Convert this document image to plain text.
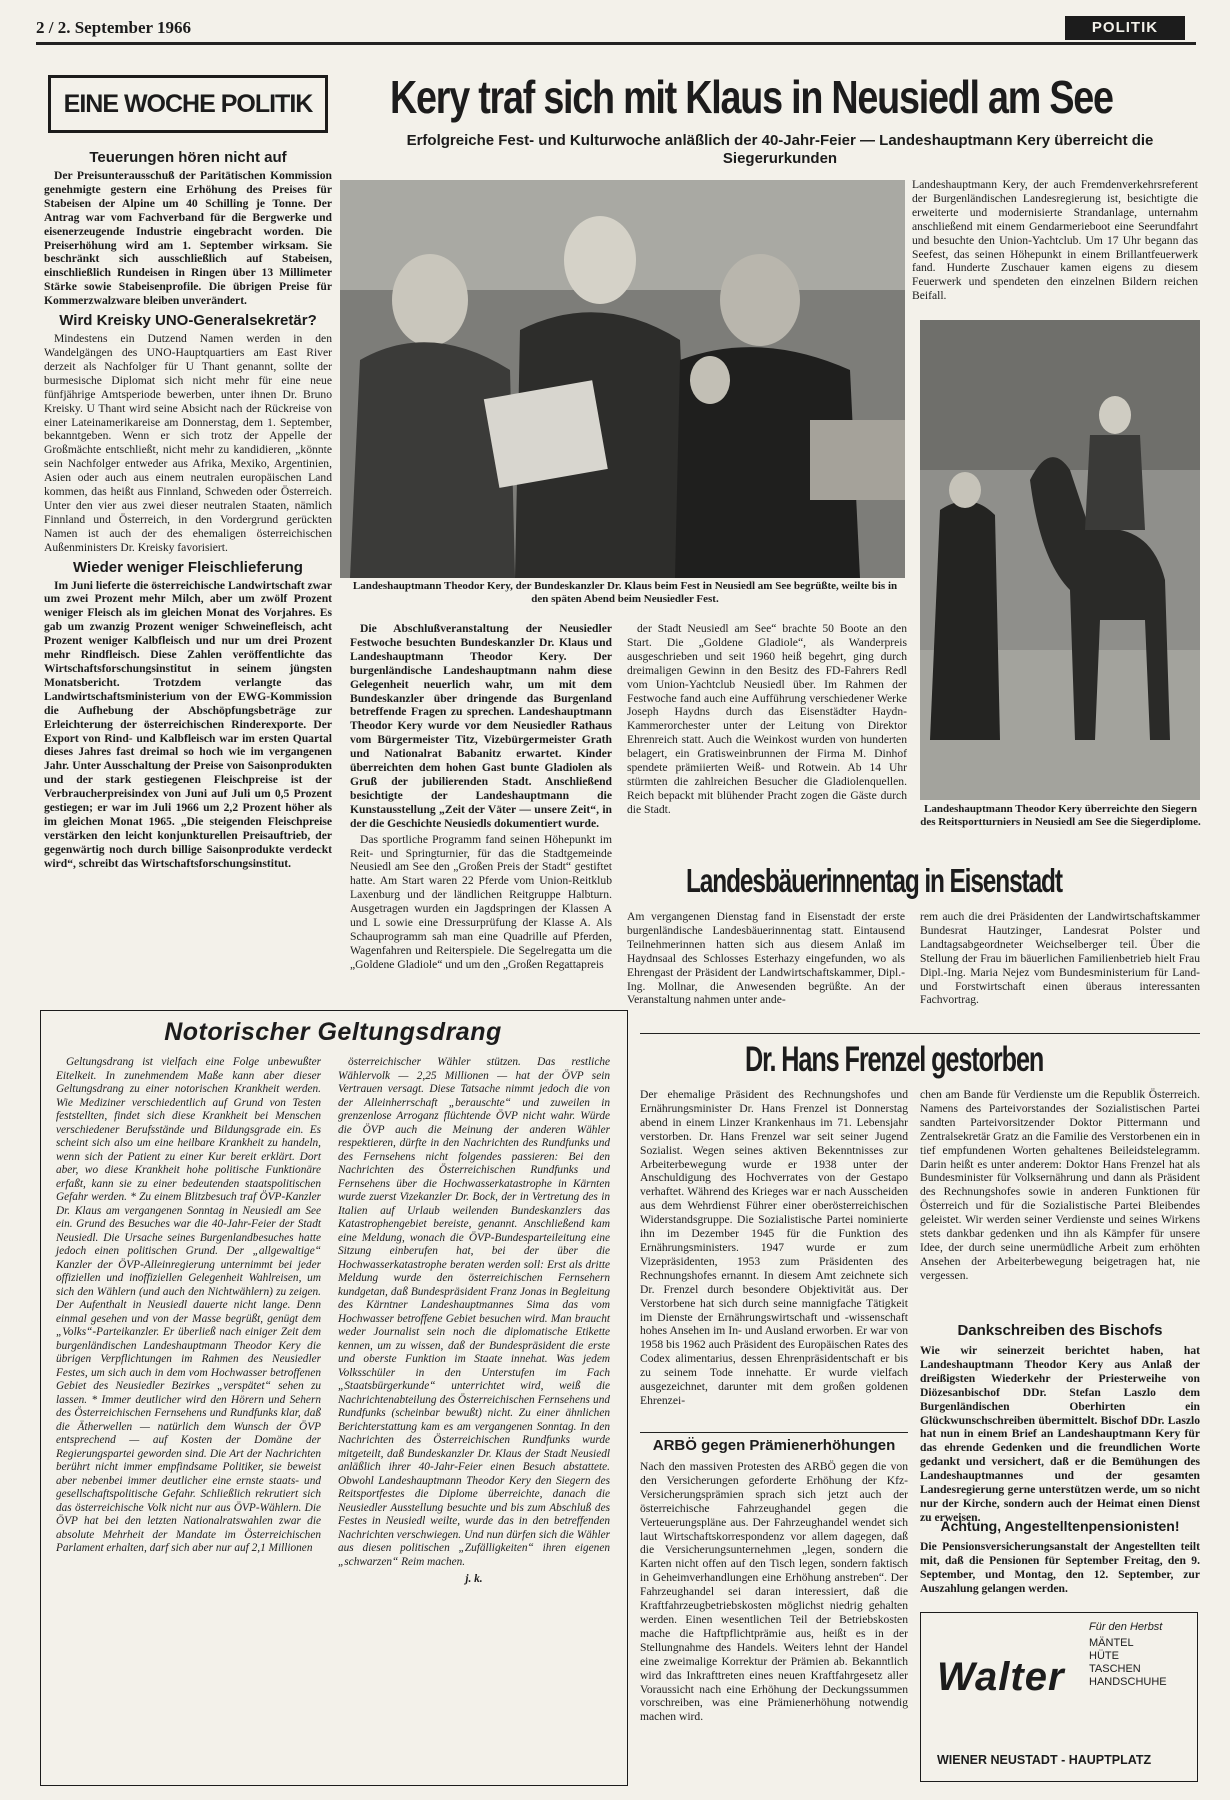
2 / 2. September 1966	POLITIK
EINE WOCHE POLITIK
Teuerungen hören nicht auf

Der Preisunterausschuß der Paritätischen Kommission genehmigte gestern eine Erhöhung des Preises für Stabeisen der Alpine um 40 Schilling je Tonne. Der Antrag war vom Fachverband für die Bergwerke und eisenerzeugende Industrie eingebracht worden. Die Preiserhöhung wird am 1. September wirksam. Sie beschränkt sich ausschließlich auf Stabeisen, einschließlich Rundeisen in Ringen über 13 Millimeter Stärke sowie Stabeisenprofile. Die übrigen Preise für Kommerzwalzware bleiben unverändert.

Wird Kreisky UNO-Generalsekretär?

Mindestens ein Dutzend Namen werden in den Wandelgängen des UNO-Hauptquartiers am East River derzeit als Nachfolger für U Thant genannt, sollte der burmesische Diplomat sich nicht mehr für eine neue fünfjährige Amtsperiode bewerben, unter ihnen Dr. Bruno Kreisky. U Thant wird seine Absicht nach der Rückreise von einer Lateinamerikareise am Donnerstag, dem 1. September, bekanntgeben. Wenn er sich trotz der Appelle der Großmächte entschließt, nicht mehr zu kandidieren, „könnte sein Nachfolger entweder aus Afrika, Mexiko, Argentinien, Asien oder auch aus einem neutralen europäischen Land kommen, das heißt aus Finnland, Schweden oder Österreich. Unter den vier aus zwei dieser neutralen Staaten, nämlich Finnland und Österreich, in den Vordergrund gerückten Namen ist auch der des ehemaligen österreichischen Außenministers Dr. Kreisky favorisiert.

Wieder weniger Fleischlieferung

Im Juni lieferte die österreichische Landwirtschaft zwar um zwei Prozent mehr Milch, aber um zwölf Prozent weniger Fleisch als im gleichen Monat des Vorjahres. Es gab um zwanzig Prozent weniger Schweinefleisch, acht Prozent weniger Kalbfleisch und nur um drei Prozent mehr Rindfleisch. Diese Zahlen veröffentlichte das Wirtschaftsforschungsinstitut in seinem jüngsten Monatsbericht. Trotzdem verlangte das Landwirtschaftsministerium von der EWG-Kommission die Aufhebung der Abschöpfungsbeträge zur Erleichterung der österreichischen Rinderexporte. Der Export von Rind- und Kalbfleisch war im ersten Quartal dieses Jahres fast dreimal so hoch wie im vergangenen Jahr. Unter Ausschaltung der Preise von Saisonprodukten und der stark gestiegenen Fleischpreise ist der Verbraucherpreisindex von Juni auf Juli um 0,5 Prozent gestiegen; er war im Juli 1966 um 2,2 Prozent höher als im gleichen Monat 1965. „Die steigenden Fleischpreise verstärken den leicht konjunkturellen Preisauftrieb, der gegenwärtig noch durch billige Saisonprodukte verdeckt wird“, schreibt das Wirtschaftsforschungsinstitut.

Kery traf sich mit Klaus in Neusiedl am See
Erfolgreiche Fest- und Kulturwoche anläßlich der 40-Jahr-Feier — Landeshauptmann Kery überreicht die Siegerurkunden
Landeshauptmann Theodor Kery, der Bundeskanzler Dr. Klaus beim Fest in Neusiedl am See begrüßte, weilte bis in den späten Abend beim Neusiedler Fest.
Landeshauptmann Kery, der auch Fremdenverkehrsreferent der Burgenländischen Landesregierung ist, besichtigte die erweiterte und modernisierte Strandanlage, unternahm anschließend mit einem Gendarmerieboot eine Seerundfahrt und besuchte den Union-Yachtclub. Um 17 Uhr begann das Seefest, das seinen Höhepunkt in einem Brillantfeuerwerk fand. Hunderte Zuschauer kamen eigens zu diesem Feuerwerk und spendeten den einzelnen Bildern reichen Beifall.
Landeshauptmann Theodor Kery überreichte den Siegern des Reitsportturniers in Neusiedl am See die Siegerdiplome.

Die Abschlußveranstaltung der Neusiedler Festwoche besuchten Bundeskanzler Dr. Klaus und Landeshauptmann Theodor Kery. Der burgenländische Landeshauptmann nahm diese Gelegenheit neuerlich wahr, um mit dem Bundeskanzler über dringende das Burgenland betreffende Fragen zu sprechen. Landeshauptmann Theodor Kery wurde vor dem Neusiedler Rathaus vom Bürgermeister Titz, Vizebürgermeister Grath und Nationalrat Babanitz erwartet. Kinder überreichten dem hohen Gast bunte Gladiolen als Gruß der jubilierenden Stadt. Anschließend besichtigte der Landeshauptmann die Kunstausstellung „Zeit der Väter — unsere Zeit“, in der die Geschichte Neusiedls dokumentiert wurde.

Das sportliche Programm fand seinen Höhepunkt im Reit- und Springturnier, für das die Stadtgemeinde Neusiedl am See den „Großen Preis der Stadt“ gestiftet hatte. Am Start waren 22 Pferde vom Union-Reitklub Laxenburg und der ländlichen Reitgruppe Halbturn. Ausgetragen wurden ein Jagdspringen der Klassen A und L sowie eine Dressurprüfung der Klasse A. Als Schauprogramm sah man eine Quadrille auf Pferden, Wagenfahren und Reiterspiele. Die Segelregatta um die „Goldene Gladiole“ und um den „Großen Regattapreis

der Stadt Neusiedl am See“ brachte 50 Boote an den Start. Die „Goldene Gladiole“, als Wanderpreis ausgeschrieben und seit 1960 heiß begehrt, ging durch dreimaligen Gewinn in den Besitz des FD-Fahrers Redl vom Union-Yachtclub Neusiedl über. Im Rahmen der Festwoche fand auch eine Aufführung verschiedener Werke Joseph Haydns durch das Eisenstädter Haydn-Kammerorchester unter der Leitung von Direktor Ehrenreich statt. Auch die Weinkost wurden von hunderten belagert, ein Gratisweinbrunnen der Firma M. Dinhof spendete prämiierten Weiß- und Rotwein. Ab 14 Uhr stürmten die zahlreichen Besucher die Gladiolenquellen. Reich bepackt mit blühender Pracht zogen die Gäste durch die Stadt.

Landesbäuerinnentag in Eisenstadt
Am vergangenen Dienstag fand in Eisenstadt der erste burgenländische Landesbäuerinnentag statt. Eintausend Teilnehmerinnen hatten sich aus diesem Anlaß im Haydnsaal des Schlosses Esterhazy eingefunden, wo als Ehrengast der Präsident der Landwirtschaftskammer, Dipl.-Ing. Mollnar, die Anwesenden begrüßte. An der Veranstaltung nahmen unter ande-
rem auch die drei Präsidenten der Landwirtschaftskammer Bundesrat Hautzinger, Landesrat Polster und Landtagsabgeordneter Weichselberger teil. Über die Stellung der Frau im bäuerlichen Familienbetrieb hielt Frau Dipl.-Ing. Maria Nejez vom Bundesministerium für Land- und Forstwirtschaft einen überaus interessanten Fachvortrag.
Notorischer Geltungsdrang

Geltungsdrang ist vielfach eine Folge unbewußter Eitelkeit. In zunehmendem Maße kann aber dieser Geltungsdrang zu einer notorischen Krankheit werden. Wie Mediziner verschiedentlich auf Grund von Testen feststellten, findet sich diese Krankheit bei Menschen verschiedener Berufsstände und Bildungsgrade ein. Es scheint sich also um eine heilbare Krankheit zu handeln, wenn sich der Patient zu einer Kur bereit erklärt. Dort aber, wo diese Krankheit hohe politische Funktionäre erfaßt, kann sie zu einer bedeutenden staatspolitischen Gefahr werden. * Zu einem Blitzbesuch traf ÖVP-Kanzler Dr. Klaus am vergangenen Sonntag in Neusiedl am See ein. Grund des Besuches war die 40-Jahr-Feier der Stadt Neusiedl. Die Ursache seines Burgenlandbesuches hatte jedoch einen politischen Grund. Der „allgewaltige“ Kanzler der ÖVP-Alleinregierung unternimmt bei jeder offiziellen und inoffiziellen Gelegenheit Wahlreisen, um sich den Wählern (und auch den Nichtwählern) zu zeigen. Der Aufenthalt in Neusiedl dauerte nicht lange. Denn einmal gesehen und von der Masse begrüßt, genügt dem „Volks“-Parteikanzler. Er überließ nach einiger Zeit dem burgenländischen Landeshauptmann Theodor Kery die übrigen Verpflichtungen im Rahmen des Neusiedler Festes, um sich auch in dem vom Hochwasser betroffenen Gebiet des Neusiedler Bezirkes „verspätet“ sehen zu lassen. * Immer deutlicher wird den Hörern und Sehern des Österreichischen Fernsehens und Rundfunks klar, daß die Ätherwellen — natürlich dem Wunsch der ÖVP entsprechend — auf Kosten der Domäne der Regierungspartei geworden sind. Die Art der Nachrichten berührt nicht immer empfindsame Politiker, sie beweist aber nebenbei immer deutlicher eine ernste staats- und gesellschaftspolitische Gefahr. Schließlich rekrutiert sich das österreichische Volk nicht nur aus ÖVP-Wählern. Die ÖVP hat bei den letzten Nationalratswahlen zwar die absolute Mehrheit der Mandate im Österreichischen Parlament erhalten, darf sich aber nur auf 2,1 Millionen

österreichischer Wähler stützen. Das restliche Wählervolk — 2,25 Millionen — hat der ÖVP sein Vertrauen versagt. Diese Tatsache nimmt jedoch die von der Alleinherrschaft „berauschte“ und zuweilen in grenzenlose Arroganz flüchtende ÖVP nicht wahr. Würde die ÖVP auch die Meinung der anderen Wähler respektieren, dürfte in den Nachrichten des Rundfunks und des Fernsehens nicht folgendes passieren: Bei den Nachrichten des Österreichischen Rundfunks und Fernsehens über die Hochwasserkatastrophe in Kärnten wurde zuerst Vizekanzler Dr. Bock, der in Vertretung des in Italien auf Urlaub weilenden Bundeskanzlers das Katastrophengebiet bereiste, genannt. Anschließend kam eine Meldung, wonach die ÖVP-Bundesparteileitung eine Sitzung einberufen hat, bei der über die Hochwasserkatastrophe beraten werden soll: Erst als dritte Meldung wurde den österreichischen Fernsehern kundgetan, daß Bundespräsident Franz Jonas in Begleitung des Kärntner Landeshauptmannes Sima das vom Hochwasser betroffene Gebiet besuchen wird. Man braucht weder Journalist sein noch die diplomatische Etikette kennen, um zu wissen, daß der Bundespräsident die erste und oberste Funktion im Staate innehat. Was jedem Volksschüler in den Unterstufen im Fach „Staatsbürgerkunde“ unterrichtet wird, weiß die Nachrichtenabteilung des Österreichischen Fernsehens und Rundfunks (scheinbar bewußt) nicht. Zu einer ähnlichen Berichterstattung kam es am vergangenen Sonntag. In den Nachrichten des Österreichischen Rundfunks wurde mitgeteilt, daß Bundeskanzler Dr. Klaus der Stadt Neusiedl anläßlich ihrer 40-Jahr-Feier einen Besuch abstattete. Obwohl Landeshauptmann Theodor Kery den Siegern des Reitsportfestes die Diplome überreichte, danach die Neusiedler Ausstellung besuchte und bis zum Abschluß des Festes in Neusiedl weilte, wurde das in den betreffenden Nachrichten verschwiegen. Und nun dürfen sich die Wähler aus diesen politischen „Zufälligkeiten“ ihren eigenen „schwarzen“ Reim machen.

j. k.
Dr. Hans Frenzel gestorben
Der ehemalige Präsident des Rechnungshofes und Ernährungsminister Dr. Hans Frenzel ist Donnerstag abend in einem Linzer Krankenhaus im 71. Lebensjahr verstorben. Dr. Hans Frenzel war seit seiner Jugend Sozialist. Wegen seines aktiven Bekenntnisses zur Arbeiterbewegung wurde er 1938 unter der Anschuldigung des Hochverrates von der Gestapo verhaftet. Während des Krieges war er nach Ausscheiden aus dem Wehrdienst Führer einer oberösterreichischen Widerstandsgruppe. Die Sozialistische Partei nominierte ihn im Dezember 1945 für die Funktion des Ernährungsministers. 1947 wurde er zum Vizepräsidenten, 1953 zum Präsidenten des Rechnungshofes ernannt. In diesem Amt zeichnete sich Dr. Frenzel durch besondere Objektivität aus. Der Verstorbene hat sich durch seine mannigfache Tätigkeit im Dienste der Ernährungswirtschaft und -wissenschaft hohes Ansehen im In- und Ausland erworben. Er war von 1958 bis 1962 auch Präsident des Europäischen Rates des Codex alimentarius, dessen Ehrenpräsidentschaft er bis zu seinem Tode innehatte. Er wurde vielfach ausgezeichnet, darunter mit dem großen goldenen Ehrenzei-
chen am Bande für Verdienste um die Republik Österreich. Namens des Parteivorstandes der Sozialistischen Partei sandten Parteivorsitzender Doktor Pittermann und Zentralsekretär Gratz an die Familie des Verstorbenen ein in tief empfundenen Worten gehaltenes Beileidstelegramm. Darin heißt es unter anderem: Doktor Hans Frenzel hat als Bundesminister für Volksernährung und dann als Präsident des Rechnungshofes sowie in anderen Funktionen für Österreich und für die Sozialistische Partei Bleibendes geleistet. Wir werden seiner Verdienste und seines Wirkens stets dankbar gedenken und ihn als Kämpfer für unsere Idee, der durch seine unermüdliche Arbeit zum erhöhten Ansehen der Arbeiterbewegung beigetragen hat, nie vergessen.
ARBÖ gegen Prämienerhöhungen
Nach den massiven Protesten des ARBÖ gegen die von den Versicherungen geforderte Erhöhung der Kfz-Versicherungsprämien sprach sich jetzt auch der österreichische Fahrzeughandel gegen die Verteuerungspläne aus. Der Fahrzeughandel wendet sich laut Wirtschaftskorrespondenz vor allem dagegen, daß die Versicherungsunternehmen „legen, sondern die Karten nicht offen auf den Tisch legen, sondern faktisch in Geheimverhandlungen eine Erhöhung anstreben“. Der Fahrzeughandel sei daran interessiert, daß die Kraftfahrzeugbetriebskosten möglichst niedrig gehalten werden. Einen wesentlichen Teil der Betriebskosten mache die Haftpflichtprämie aus, heißt es in der Stellungnahme des Handels. Weiters lehnt der Handel eine zweimalige Korrektur der Prämien ab. Bekanntlich wird das Inkrafttreten eines neuen Kraftfahrgesetz aller Voraussicht nach eine Erhöhung der Deckungssummen vorschreiben, was eine Prämienerhöhung notwendig machen wird.
Dankschreiben des Bischofs
Wie wir seinerzeit berichtet haben, hat Landeshauptmann Theodor Kery aus Anlaß der dreißigsten Wiederkehr der Priesterweihe von Diözesanbischof DDr. Stefan Laszlo dem Burgenländischen Oberhirten ein Glückwunschschreiben übermittelt. Bischof DDr. Laszlo hat nun in einem Brief an Landeshauptmann Kery für das ehrende Gedenken und die freundlichen Worte gedankt und versichert, daß er die Bemühungen des Landeshauptmannes und der gesamten Landesregierung gerne unterstützen werde, um so nicht nur der Kirche, sondern auch der Heimat einen Dienst zu erweisen.
Achtung, Angestelltenpensionisten!
Die Pensionsversicherungsanstalt der Angestellten teilt mit, daß die Pensionen für September Freitag, den 9. September, und Montag, den 12. September, zur Auszahlung gelangen werden.
Für den Herbst
MÄNTEL
HÜTE
TASCHEN
HANDSCHUHE
Walter
WIENER NEUSTADT - HAUPTPLATZ
